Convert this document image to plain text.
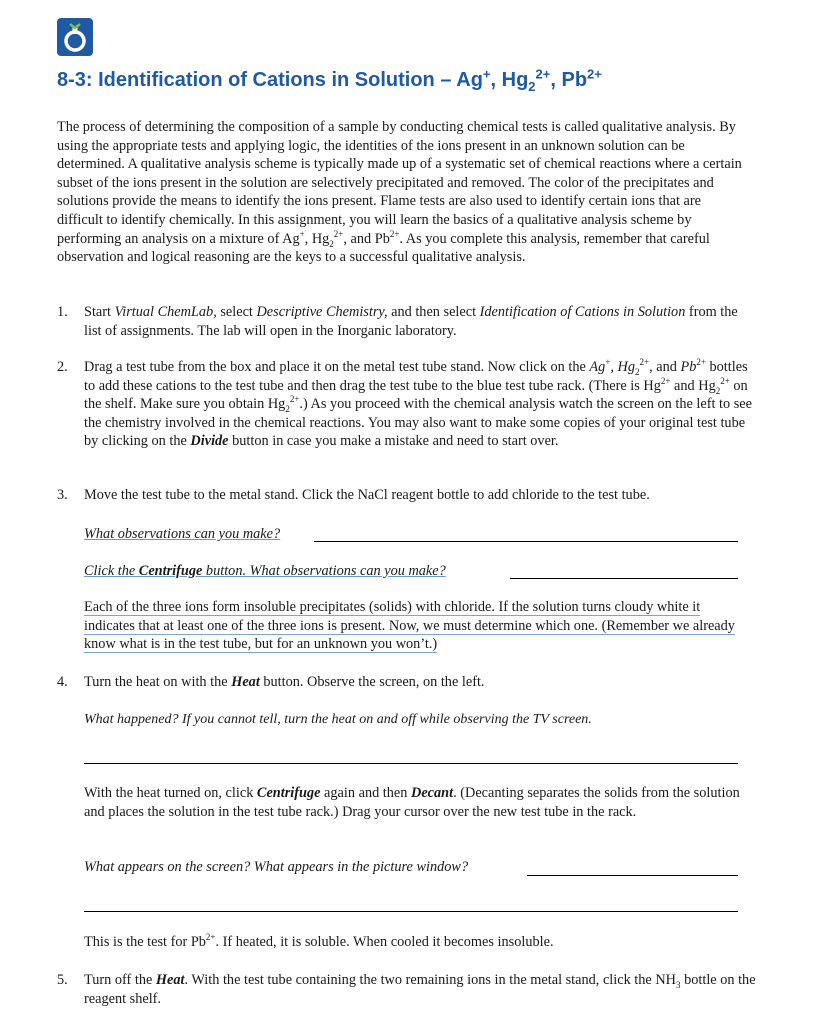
8-3: Identification of Cations in Solution – Ag+, $Hg_2^{2+}$, $Pb^{2+}$

The process of determining the composition of a sample by conducting chemical tests is called qualitative analysis. By using the appropriate tests and applying logic, the identities of the ions present in an unknown solution can be determined. A qualitative analysis scheme is typically made up of a systematic set of chemical reactions where a certain subset of the ions present in the solution are selectively precipitated and removed. The color of the precipitates and solutions provide the means to identify the ions present. Flame tests are also used to identify certain ions that are difficult to identify chemically. In this assignment, you will learn the basics of a qualitative analysis scheme by performing an analysis on a mixture of Ag+, $Hg_2^{2+}$, and $Pb^{2+}$. As you complete this analysis, remember that careful observation and logical reasoning are the keys to a successful qualitative analysis.

1. Start Virtual ChemLab, select Descriptive Chemistry, and then select Identification of Cations in Solution from the list of assignments. The lab will open in the Inorganic laboratory.
2. Drag a test tube from the box and place it on the metal test tube stand. Now click on the Ag+, $Hg_2^{2+}$, and $Pb^{2+}$ bottles to add these cations to the test tube and then drag the test tube to the blue test tube rack. (There is $Hg^{2+}$ and $Hg_2^{2+}$ on the shelf. Make sure you obtain $Hg_2^{2+}$.) As you proceed with the chemical analysis watch the screen on the left to see the chemistry involved in the chemical reactions. You may also want to make some copies of your original test tube by clicking on the Divide button in case you make a mistake and need to start over.
3. Move the test tube to the metal stand. Click the NaCl reagent bottle to add chloride to the test tube.
What observations can you make?
Click the Centrifuge button. What observations can you make?
Each of the three ions form insoluble precipitates (solids) with chloride. If the solution turns cloudy white it indicates that at least one of the three ions is present. Now, we must determine which one. (Remember we already know what is in the test tube, but for an unknown you won’t.)
4. Turn the heat on with the Heat button. Observe the screen, on the left.
What happened? If you cannot tell, turn the heat on and off while observing the TV screen.
With the heat turned on, click Centrifuge again and then Decant. (Decanting separates the solids from the solution and places the solution in the test tube rack.) Drag your cursor over the new test tube in the rack.
What appears on the screen? What appears in the picture window?
This is the test for $Pb^{2+}$. If heated, it is soluble. When cooled it becomes insoluble.
5. Turn off the Heat. With the test tube containing the two remaining ions in the metal stand, click the $NH_3$ bottle on the reagent shelf.
